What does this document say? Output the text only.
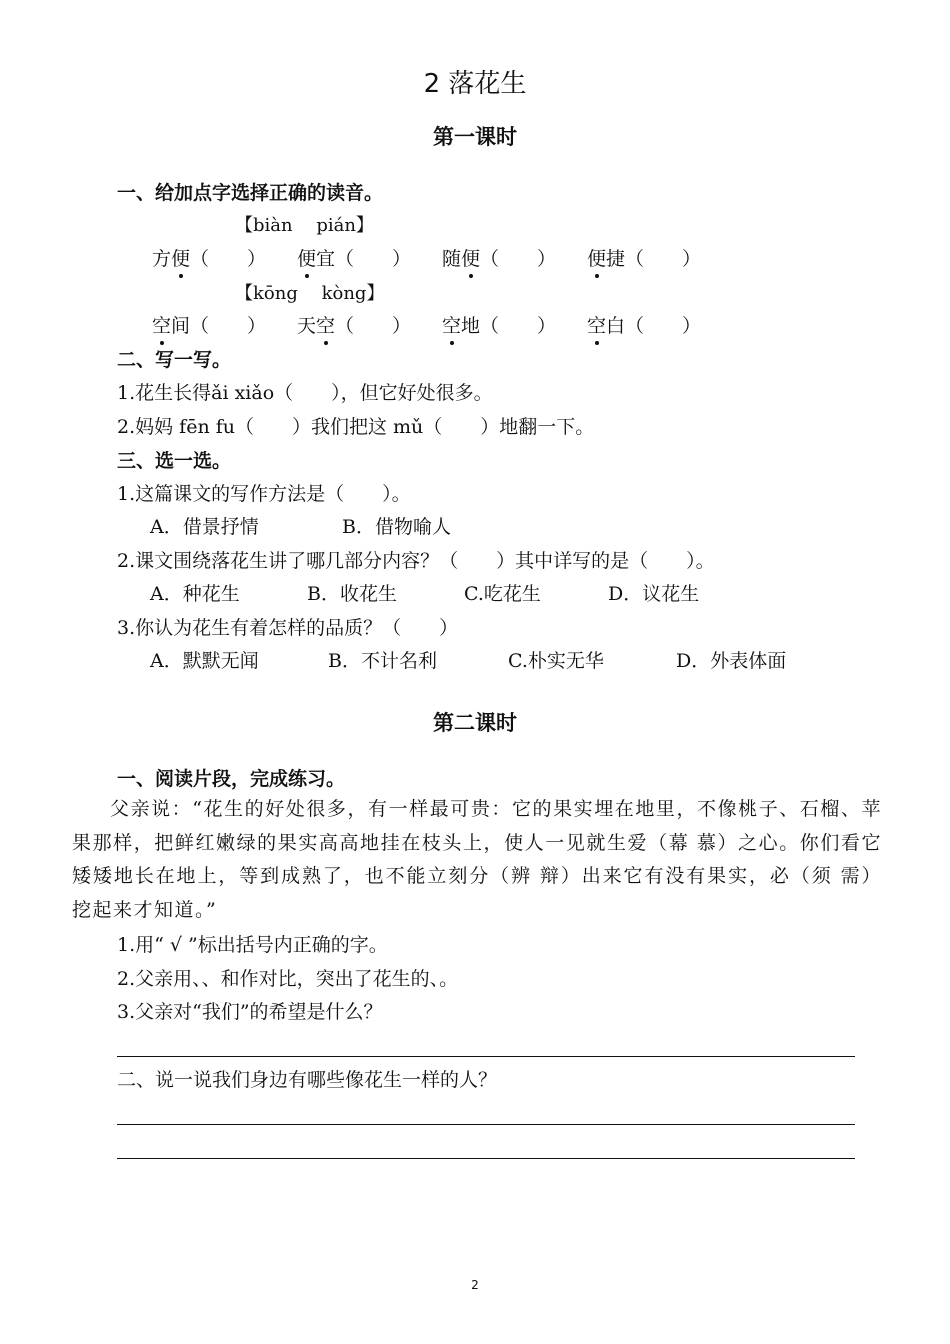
2 落花生
第一课时
一、给加点字选择正确的读音。
【biàn　 pián】
方便（　　） 便宜（　　） 随便（　　） 便捷（　　）
【kōng 　kòng】
空间（　　） 天空（　　） 空地（　　） 空白（　　）
二、写一写。
1.花生长得ǎi xiǎo（　　），但它好处很多。
2.妈妈 fēn fu（　　）我们把这 mǔ（　　）地翻一下。
三、选一选。
1.这篇课文的写作方法是（　　）。
A．借景抒情	B．借物喻人
2.课文围绕落花生讲了哪几部分内容？（　　）其中详写的是（　　）。
A．种花生	B．收花生	C.吃花生	D．议花生
3.你认为花生有着怎样的品质？（　　）
A．默默无闻	B．不计名利	C.朴实无华	D．外表体面
第二课时
一、阅读片段，完成练习。
父亲说：“花生的好处很多，有一样最可贵：它的果实埋在地里，不像桃子、石榴、苹果那样，把鲜红嫩绿的果实高高地挂在枝头上，使人一见就生爱（幕 慕）之心。你们看它矮矮地长在地上，等到成熟了，也不能立刻分（辨 辩）出来它有没有果实，必（须 需）挖起来才知道。”
1.用“ √ ”标出括号内正确的字。
2.父亲用、、和作对比，突出了花生的、。
3.父亲对“我们”的希望是什么？
二、说一说我们身边有哪些像花生一样的人？
2
